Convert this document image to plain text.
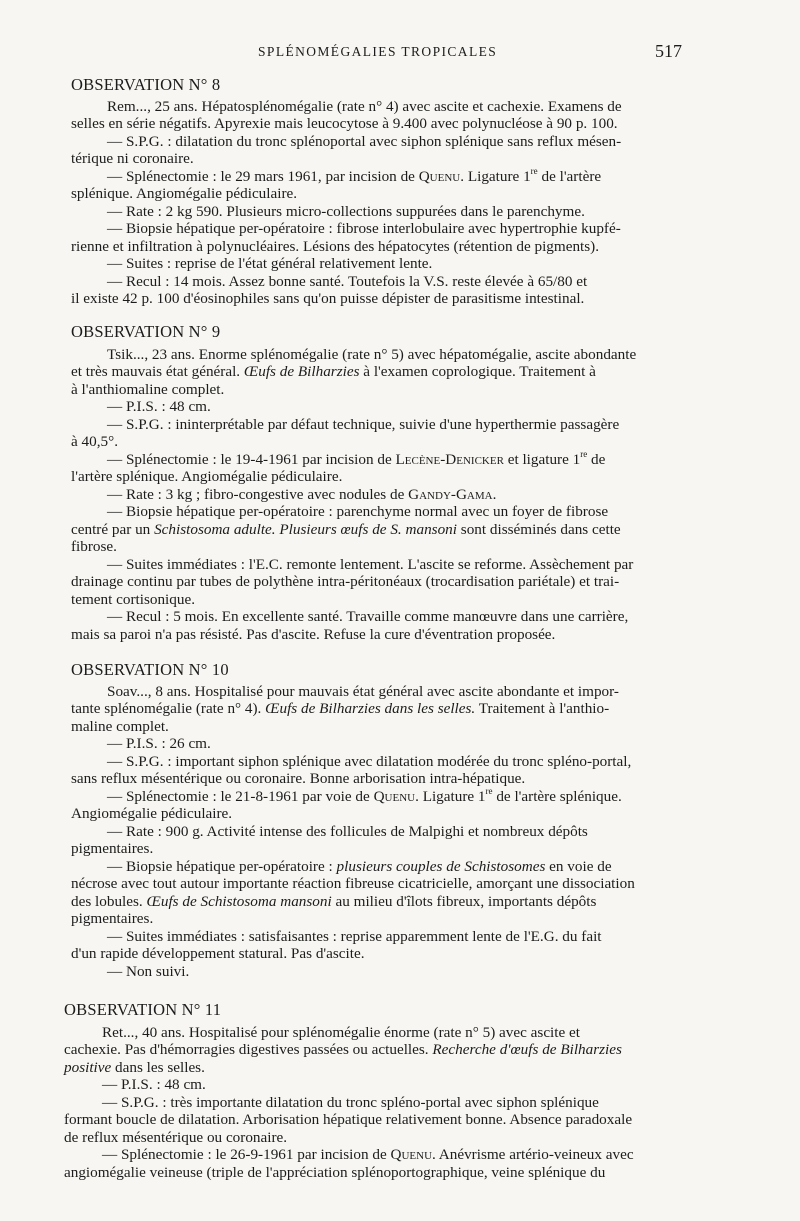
SPLÉNOMÉGALIES TROPICALES	517
OBSERVATION N° 8
Rem..., 25 ans. Hépatosplénomégalie (rate n° 4) avec ascite et cachexie. Examens de
selles en série négatifs. Apyrexie mais leucocytose à 9.400 avec polynucléose à 90 p. 100.
— S.P.G. : dilatation du tronc splénoportal avec siphon splénique sans reflux mésen-
térique ni coronaire.
— Splénectomie : le 29 mars 1961, par incision de Quenu. Ligature 1re de l'artère
splénique. Angiomégalie pédiculaire.
— Rate : 2 kg 590. Plusieurs micro-collections suppurées dans le parenchyme.
— Biopsie hépatique per-opératoire : fibrose interlobulaire avec hypertrophie kupfé-
rienne et infiltration à polynucléaires. Lésions des hépatocytes (rétention de pigments).
— Suites : reprise de l'état général relativement lente.
— Recul : 14 mois. Assez bonne santé. Toutefois la V.S. reste élevée à 65/80 et
il existe 42 p. 100 d'éosinophiles sans qu'on puisse dépister de parasitisme intestinal.
OBSERVATION N° 9
Tsik..., 23 ans. Enorme splénomégalie (rate n° 5) avec hépatomégalie, ascite abondante
et très mauvais état général. Œufs de Bilharzies à l'examen coprologique. Traitement à
à l'anthiomaline complet.
— P.I.S. : 48 cm.
— S.P.G. : ininterprétable par défaut technique, suivie d'une hyperthermie passagère
à 40,5°.
— Splénectomie : le 19-4-1961 par incision de Lecène-Denicker et ligature 1re de
l'artère splénique. Angiomégalie pédiculaire.
— Rate : 3 kg ; fibro-congestive avec nodules de Gandy-Gama.
— Biopsie hépatique per-opératoire : parenchyme normal avec un foyer de fibrose
centré par un Schistosoma adulte. Plusieurs œufs de S. mansoni sont disséminés dans cette
fibrose.
— Suites immédiates : l'E.C. remonte lentement. L'ascite se reforme. Assèchement par
drainage continu par tubes de polythène intra-péritonéaux (trocardisation pariétale) et trai-
tement cortisonique.
— Recul : 5 mois. En excellente santé. Travaille comme manœuvre dans une carrière,
mais sa paroi n'a pas résisté. Pas d'ascite. Refuse la cure d'éventration proposée.
OBSERVATION N° 10
Soav..., 8 ans. Hospitalisé pour mauvais état général avec ascite abondante et impor-
tante splénomégalie (rate n° 4). Œufs de Bilharzies dans les selles. Traitement à l'anthio-
maline complet.
— P.I.S. : 26 cm.
— S.P.G. : important siphon splénique avec dilatation modérée du tronc spléno-portal,
sans reflux mésentérique ou coronaire. Bonne arborisation intra-hépatique.
— Splénectomie : le 21-8-1961 par voie de Quenu. Ligature 1re de l'artère splénique.
Angiomégalie pédiculaire.
— Rate : 900 g. Activité intense des follicules de Malpighi et nombreux dépôts
pigmentaires.
— Biopsie hépatique per-opératoire : plusieurs couples de Schistosomes en voie de
nécrose avec tout autour importante réaction fibreuse cicatricielle, amorçant une dissociation
des lobules. Œufs de Schistosoma mansoni au milieu d'îlots fibreux, importants dépôts
pigmentaires.
— Suites immédiates : satisfaisantes : reprise apparemment lente de l'E.G. du fait
d'un rapide développement statural. Pas d'ascite.
— Non suivi.
OBSERVATION N° 11
Ret..., 40 ans. Hospitalisé pour splénomégalie énorme (rate n° 5) avec ascite et
cachexie. Pas d'hémorragies digestives passées ou actuelles. Recherche d'œufs de Bilharzies
positive dans les selles.
— P.I.S. : 48 cm.
— S.P.G. : très importante dilatation du tronc spléno-portal avec siphon splénique
formant boucle de dilatation. Arborisation hépatique relativement bonne. Absence paradoxale
de reflux mésentérique ou coronaire.
— Splénectomie : le 26-9-1961 par incision de Quenu. Anévrisme artério-veineux avec
angiomégalie veineuse (triple de l'appréciation splénoportographique, veine splénique du
